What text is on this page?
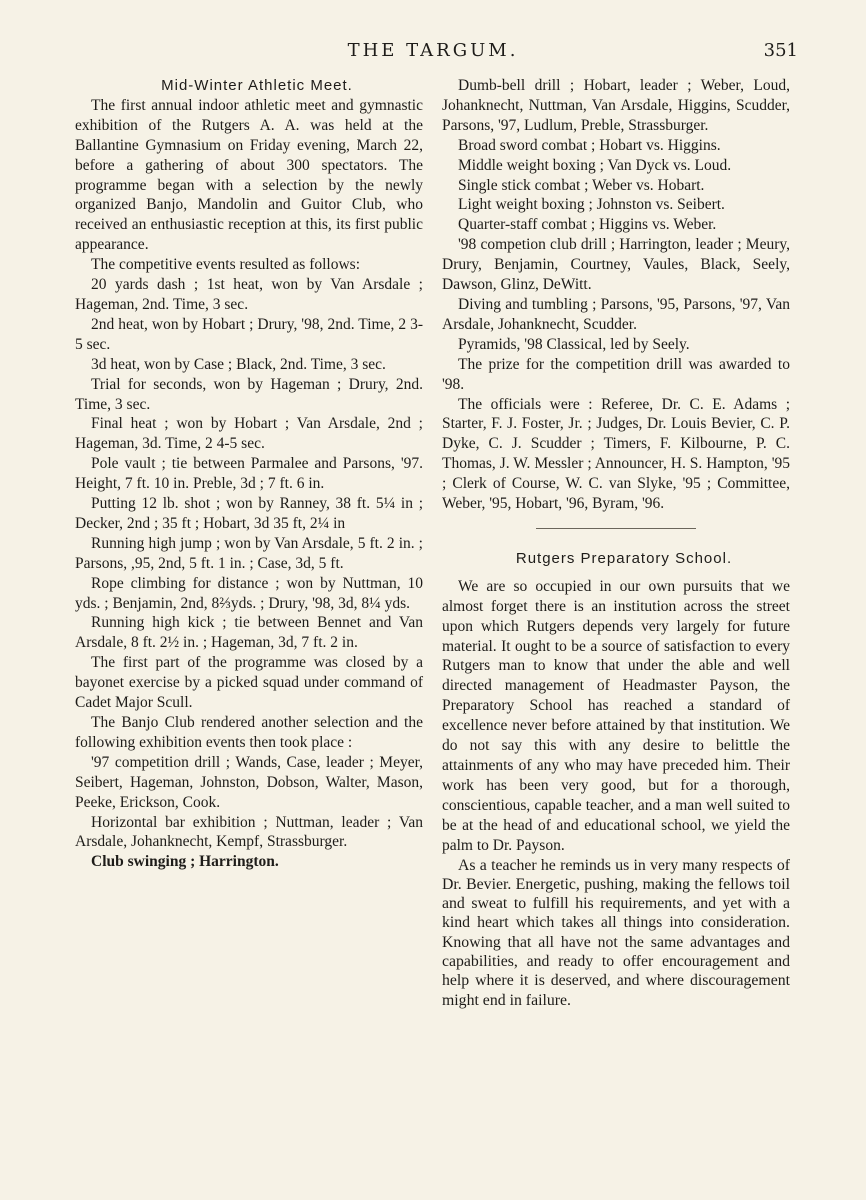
THE TARGUM.	351

Mid-Winter Athletic Meet.

The first annual indoor athletic meet and gymnastic exhibition of the Rutgers A. A. was held at the Ballantine Gymnasium on Friday evening, March 22, before a gathering of about 300 spectators. The programme began with a selection by the newly organized Banjo, Mandolin and Guitor Club, who received an enthusiastic reception at this, its first public appearance.

The competitive events resulted as follows:

20 yards dash ; 1st heat, won by Van Arsdale ; Hageman, 2nd. Time, 3 sec.

2nd heat, won by Hobart ; Drury, '98, 2nd. Time, 2 3-5 sec.

3d heat, won by Case ; Black, 2nd. Time, 3 sec.

Trial for seconds, won by Hageman ; Drury, 2nd. Time, 3 sec.

Final heat ; won by Hobart ; Van Arsdale, 2nd ; Hageman, 3d. Time, 2 4-5 sec.

Pole vault ; tie between Parmalee and Parsons, '97. Height, 7 ft. 10 in. Preble, 3d ; 7 ft. 6 in.

Putting 12 lb. shot ; won by Ranney, 38 ft. 5¼ in ; Decker, 2nd ; 35 ft ; Hobart, 3d 35 ft, 2¼ in

Running high jump ; won by Van Arsdale, 5 ft. 2 in. ; Parsons, ,95, 2nd, 5 ft. 1 in. ; Case, 3d, 5 ft.

Rope climbing for distance ; won by Nuttman, 10 yds. ; Benjamin, 2nd, 8⅔yds. ; Drury, '98, 3d, 8¼ yds.

Running high kick ; tie between Bennet and Van Arsdale, 8 ft. 2½ in. ; Hageman, 3d, 7 ft. 2 in.

The first part of the programme was closed by a bayonet exercise by a picked squad under command of Cadet Major Scull.

The Banjo Club rendered another selection and the following exhibition events then took place :

'97 competition drill ; Wands, Case, leader ; Meyer, Seibert, Hageman, Johnston, Dobson, Walter, Mason, Peeke, Erickson, Cook.

Horizontal bar exhibition ; Nuttman, leader ; Van Arsdale, Johanknecht, Kempf, Strassburger.

Club swinging ; Harrington.

Dumb-bell drill ; Hobart, leader ; Weber, Loud, Johanknecht, Nuttman, Van Arsdale, Higgins, Scudder, Parsons, '97, Ludlum, Preble, Strassburger.

Broad sword combat ; Hobart vs. Higgins.

Middle weight boxing ; Van Dyck vs. Loud.

Single stick combat ; Weber vs. Hobart.

Light weight boxing ; Johnston vs. Seibert.

Quarter-staff combat ; Higgins vs. Weber.

'98 competion club drill ; Harrington, leader ; Meury, Drury, Benjamin, Courtney, Vaules, Black, Seely, Dawson, Glinz, DeWitt.

Diving and tumbling ; Parsons, '95, Parsons, '97, Van Arsdale, Johanknecht, Scudder.

Pyramids, '98 Classical, led by Seely.

The prize for the competition drill was awarded to '98.

The officials were : Referee, Dr. C. E. Adams ; Starter, F. J. Foster, Jr. ; Judges, Dr. Louis Bevier, C. P. Dyke, C. J. Scudder ; Timers, F. Kilbourne, P. C. Thomas, J. W. Messler ; Announcer, H. S. Hampton, '95 ; Clerk of Course, W. C. van Slyke, '95 ; Committee, Weber, '95, Hobart, '96, Byram, '96.

Rutgers Preparatory School.

We are so occupied in our own pursuits that we almost forget there is an institution across the street upon which Rutgers depends very largely for future material. It ought to be a source of satisfaction to every Rutgers man to know that under the able and well directed management of Headmaster Payson, the Preparatory School has reached a standard of excellence never before attained by that institution. We do not say this with any desire to belittle the attainments of any who may have preceded him. Their work has been very good, but for a thorough, conscientious, capable teacher, and a man well suited to be at the head of and educational school, we yield the palm to Dr. Payson.

As a teacher he reminds us in very many respects of Dr. Bevier. Energetic, pushing, making the fellows toil and sweat to fulfill his requirements, and yet with a kind heart which takes all things into consideration. Knowing that all have not the same advantages and capabilities, and ready to offer encouragement and help where it is deserved, and where discouragement might end in failure.
